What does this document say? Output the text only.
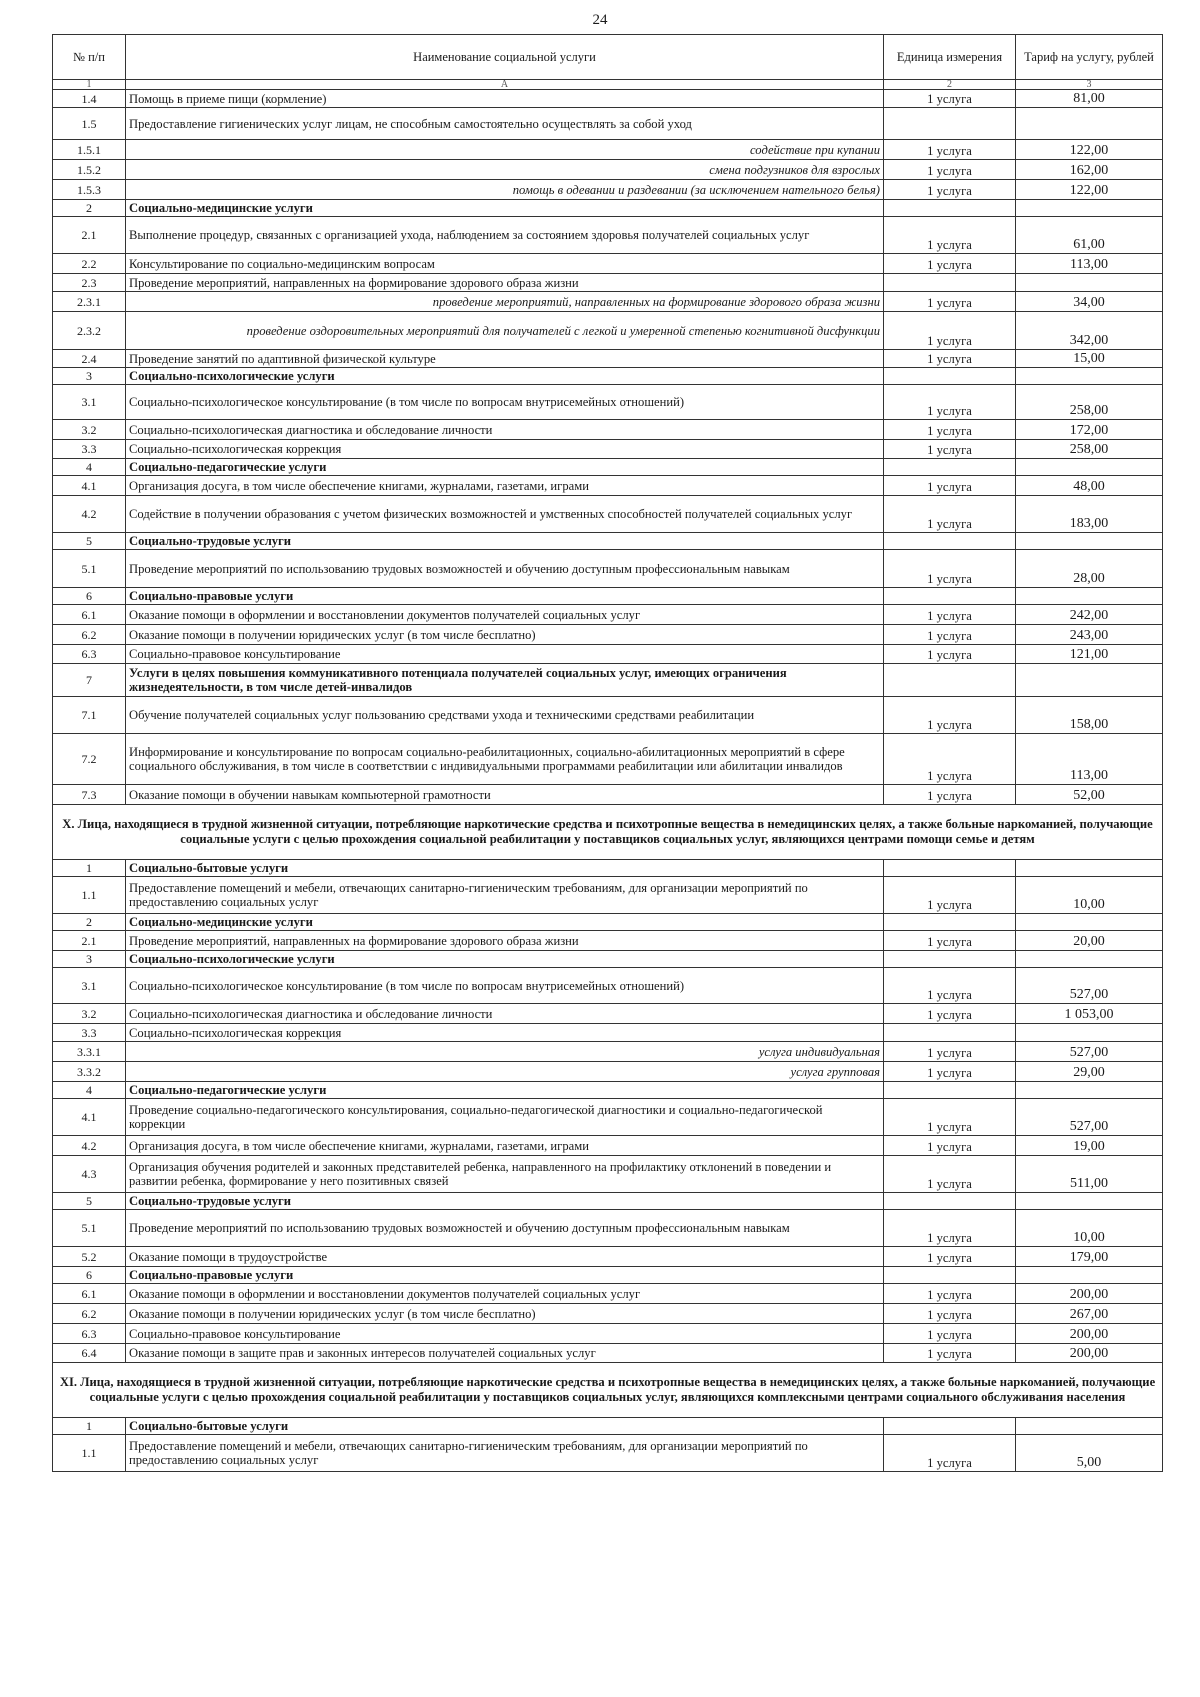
24
№ п/п	Наименование социальной услуги	Единица измерения	Тариф на услугу, рублей
1	А	2	3
1.4	Помощь в приеме пищи (кормление)	1 услуга	81,00
1.5	Предоставление гигиенических услуг лицам, не способным самостоятельно осуществлять за собой уход		
1.5.1	содействие при купании	1 услуга	122,00
1.5.2	смена подгузников для взрослых	1 услуга	162,00
1.5.3	помощь в одевании и раздевании (за исключением нательного белья)	1 услуга	122,00
2	Социально-медицинские услуги		
2.1	Выполнение процедур, связанных с организацией ухода, наблюдением за состоянием здоровья получателей социальных услуг	1 услуга	61,00
2.2	Консультирование по социально-медицинским вопросам	1 услуга	113,00
2.3	Проведение мероприятий, направленных на формирование здорового образа жизни		
2.3.1	проведение мероприятий, направленных на формирование здорового образа жизни	1 услуга	34,00
2.3.2	проведение оздоровительных мероприятий для получателей с легкой и умеренной степенью когнитивной дисфункции	1 услуга	342,00
2.4	Проведение занятий по адаптивной физической культуре	1 услуга	15,00
3	Социально-психологические услуги		
3.1	Социально-психологическое консультирование (в том числе по вопросам внутрисемейных отношений)	1 услуга	258,00
3.2	Социально-психологическая диагностика и обследование личности	1 услуга	172,00
3.3	Социально-психологическая коррекция	1 услуга	258,00
4	Социально-педагогические услуги		
4.1	Организация досуга, в том числе обеспечение книгами, журналами, газетами, играми	1 услуга	48,00
4.2	Содействие в получении образования с учетом физических возможностей и умственных способностей получателей социальных услуг	1 услуга	183,00
5	Социально-трудовые услуги		
5.1	Проведение мероприятий по использованию трудовых возможностей и обучению доступным профессиональным навыкам	1 услуга	28,00
6	Социально-правовые услуги		
6.1	Оказание помощи в оформлении и восстановлении документов получателей социальных услуг	1 услуга	242,00
6.2	Оказание помощи в получении юридических услуг (в том числе бесплатно)	1 услуга	243,00
6.3	Социально-правовое консультирование	1 услуга	121,00
7	Услуги в целях повышения коммуникативного потенциала получателей социальных услуг, имеющих ограничения жизнедеятельности, в том числе детей-инвалидов		
7.1	Обучение получателей социальных услуг пользованию средствами ухода и техническими средствами реабилитации	1 услуга	158,00
7.2	Информирование и консультирование по вопросам социально-реабилитационных, социально-абилитационных мероприятий в сфере социального обслуживания, в том числе в соответствии с индивидуальными программами реабилитации или абилитации инвалидов	1 услуга	113,00
7.3	Оказание помощи в обучении навыкам компьютерной грамотности	1 услуга	52,00
Х. Лица, находящиеся в трудной жизненной ситуации, потребляющие наркотические средства и психотропные вещества в немедицинских целях, а также больные наркоманией, получающие социальные услуги с целью прохождения социальной реабилитации у поставщиков социальных услуг, являющихся центрами помощи семье и детям			
1	Социально-бытовые услуги		
1.1	Предоставление помещений и мебели, отвечающих санитарно-гигиеническим требованиям, для организации мероприятий по предоставлению социальных услуг	1 услуга	10,00
2	Социально-медицинские услуги		
2.1	Проведение мероприятий, направленных на формирование здорового образа жизни	1 услуга	20,00
3	Социально-психологические услуги		
3.1	Социально-психологическое консультирование (в том числе по вопросам внутрисемейных отношений)	1 услуга	527,00
3.2	Социально-психологическая диагностика и обследование личности	1 услуга	1 053,00
3.3	Социально-психологическая коррекция		
3.3.1	услуга индивидуальная	1 услуга	527,00
3.3.2	услуга групповая	1 услуга	29,00
4	Социально-педагогические услуги		
4.1	Проведение социально-педагогического консультирования, социально-педагогической диагностики и социально-педагогической коррекции	1 услуга	527,00
4.2	Организация досуга, в том числе обеспечение книгами, журналами, газетами, играми	1 услуга	19,00
4.3	Организация обучения родителей и законных представителей ребенка, направленного на профилактику отклонений в поведении и развитии ребенка, формирование у него позитивных связей	1 услуга	511,00
5	Социально-трудовые услуги		
5.1	Проведение мероприятий по использованию трудовых возможностей и обучению доступным профессиональным навыкам	1 услуга	10,00
5.2	Оказание помощи в трудоустройстве	1 услуга	179,00
6	Социально-правовые услуги		
6.1	Оказание помощи в оформлении и восстановлении документов получателей социальных услуг	1 услуга	200,00
6.2	Оказание помощи в получении юридических услуг (в том числе бесплатно)	1 услуга	267,00
6.3	Социально-правовое консультирование	1 услуга	200,00
6.4	Оказание помощи в защите прав и законных интересов получателей социальных услуг	1 услуга	200,00
XI. Лица, находящиеся в трудной жизненной ситуации, потребляющие наркотические средства и психотропные вещества в немедицинских целях, а также больные наркоманией, получающие социальные услуги с целью прохождения социальной реабилитации у поставщиков социальных услуг, являющихся комплексными центрами социального обслуживания населения			
1	Социально-бытовые услуги		
1.1	Предоставление помещений и мебели, отвечающих санитарно-гигиеническим требованиям, для организации мероприятий по предоставлению социальных услуг	1 услуга	5,00
